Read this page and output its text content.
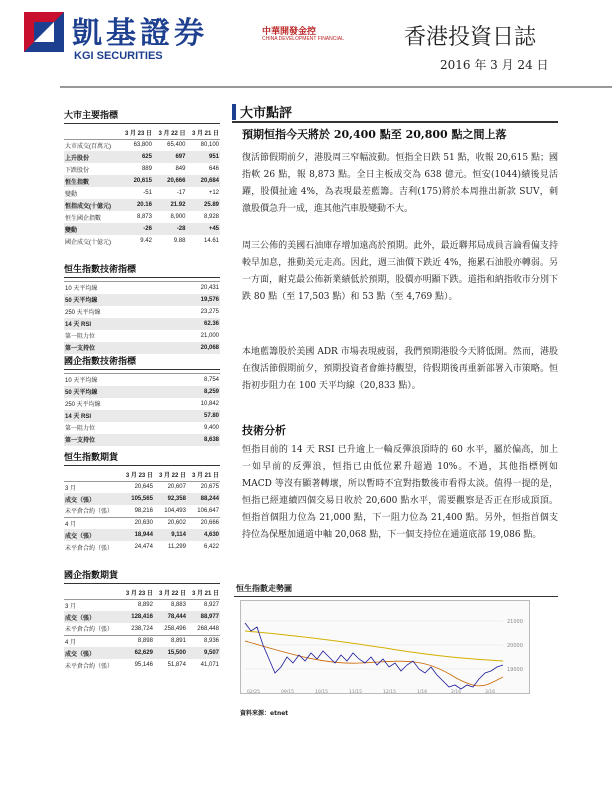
凱基證券
KGI SECURITIES
中華開發金控
CHINA DEVELOPMENT FINANCIAL	香港投資日誌
2016 年 3 月 24 日
大市主要指標
	3 月 23 日	3 月 22 日	3 月 21 日
大市成交(百萬元)	63,800	65,400	80,100
上升股份	625	697	951
下跌股份	889	849	646
恒生指數	20,615	20,666	20,684
變動	-51	-17	+12
恒指成交(十億元)	20.16	21.92	25.89
恒生國企指數	8,873	8,900	8,928
變動	-26	-28	+45
國企成交(十億元)	9.42	9.88	14.61
恒生指數技術指標
10 天平均線	20,431
50 天平均線	19,576
250 天平均線	23,275
14 天 RSI	62.36
第一阻力位	21,000
第一支持位	20,068
國企指數技術指標
10 天平均線	8,754
50 天平均線	8,259
250 天平均線	10,842
14 天 RSI	57.80
第一阻力位	9,400
第一支持位	8,638
恒生指數期貨
	3 月 23 日	3 月 22 日	3 月 21 日
3 月	20,645	20,607	20,675
成交（張）	105,565	92,358	88,244
未平倉合約（張）	98,216	104,493	106,647
4 月	20,630	20,602	20,666
成交（張）	18,944	9,114	4,630
未平倉合約（張）	24,474	11,299	6,422
國企指數期貨
	3 月 23 日	3 月 22 日	3 月 21 日
3 月	8,892	8,883	8,927
成交（張）	128,416	78,444	88,977
未平倉合約（張）	238,724	258,496	268,448
4 月	8,898	8,891	8,936
成交（張）	62,629	15,500	9,507
未平倉合約（張）	95,146	51,874	41,071
大市點評
預期恒指今天將於 20,400 點至 20,800 點之間上落
復活節假期前夕，港股周三窄幅波動。恒指全日跌 51 點，收報 20,615 點；國指軟 26 點，報 8,873 點。全日主板成交為 638 億元。恒安(1044)績後見活躍，股價扯逾 4%，為表現最差藍籌。吉利(175)將於本周推出新款 SUV，刺激股價急升一成，進其他汽車股變動不大。
周三公佈的美國石油庫存增加遠高於預期。此外，最近聯邦局成員言論看偏支持較早加息，推動美元走高。因此，週三油價下跌近 4%，拖累石油股亦轉弱。另一方面，耐克最公佈新業績低於預期，股價亦明顯下跌。道指和納指收市分別下跌 80 點（至 17,503 點）和 53 點（至 4,769 點）。
本地藍籌股於美國 ADR 市場表現疲弱，我們預期港股今天將低開。然而，港股在復活節假期前夕，預期投資者會維持觀望，待假期後再重新部署入市策略。恒指初步阻力在 100 天平均線（20,833 點）。
技術分析
恒指目前的 14 天 RSI 已升逾上一輪反彈浪頂時的 60 水平，屬於偏高，加上一如早前的反彈浪，恒指已由低位累升超過 10%。不過，其他指標例如 MACD 等沒有顯著轉壞，所以暫時不宜對指數後市看得太淡。值得一提的是，恒指已經連續四個交易日收於 20,600 點水平，需要觀察是否正在形成頂頂。恒指首個阻力位為 21,000 點，下一阻力位為 21,400 點。另外，恒指首個支持位為保壓加通道中軸 20,068 點，下一個支持位在通道底部 19,086 點。
恒生指數走勢圖
21000
20000
19000
02/25	09/15	10/15	11/15	12/15	1/16	2/16	3/16
資料來源：etnet
